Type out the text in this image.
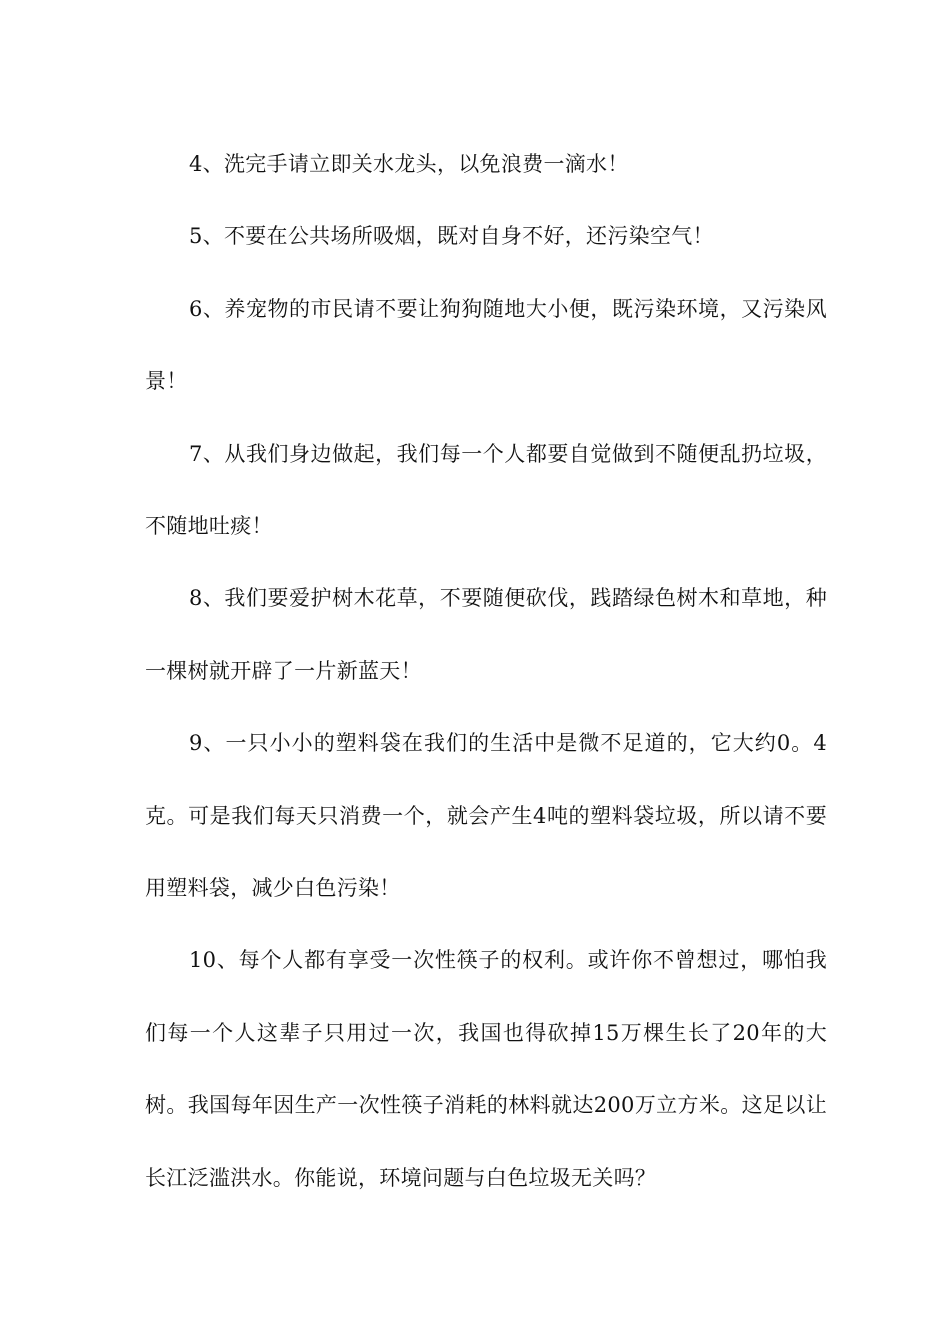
4、洗完手请立即关水龙头，以免浪费一滴水！

5、不要在公共场所吸烟，既对自身不好，还污染空气！

6、养宠物的市民请不要让狗狗随地大小便，既污染环境，又污染风景！

7、从我们身边做起，我们每一个人都要自觉做到不随便乱扔垃圾，不随地吐痰！

8、我们要爱护树木花草，不要随便砍伐，践踏绿色树木和草地，种一棵树就开辟了一片新蓝天！

9、一只小小的塑料袋在我们的生活中是微不足道的，它大约0。4克。可是我们每天只消费一个，就会产生4吨的塑料袋垃圾，所以请不要用塑料袋，减少白色污染！

10、每个人都有享受一次性筷子的权利。或许你不曾想过，哪怕我们每一个人这辈子只用过一次，我国也得砍掉15万棵生长了20年的大树。我国每年因生产一次性筷子消耗的林料就达200万立方米。这足以让长江泛滥洪水。你能说，环境问题与白色垃圾无关吗？
